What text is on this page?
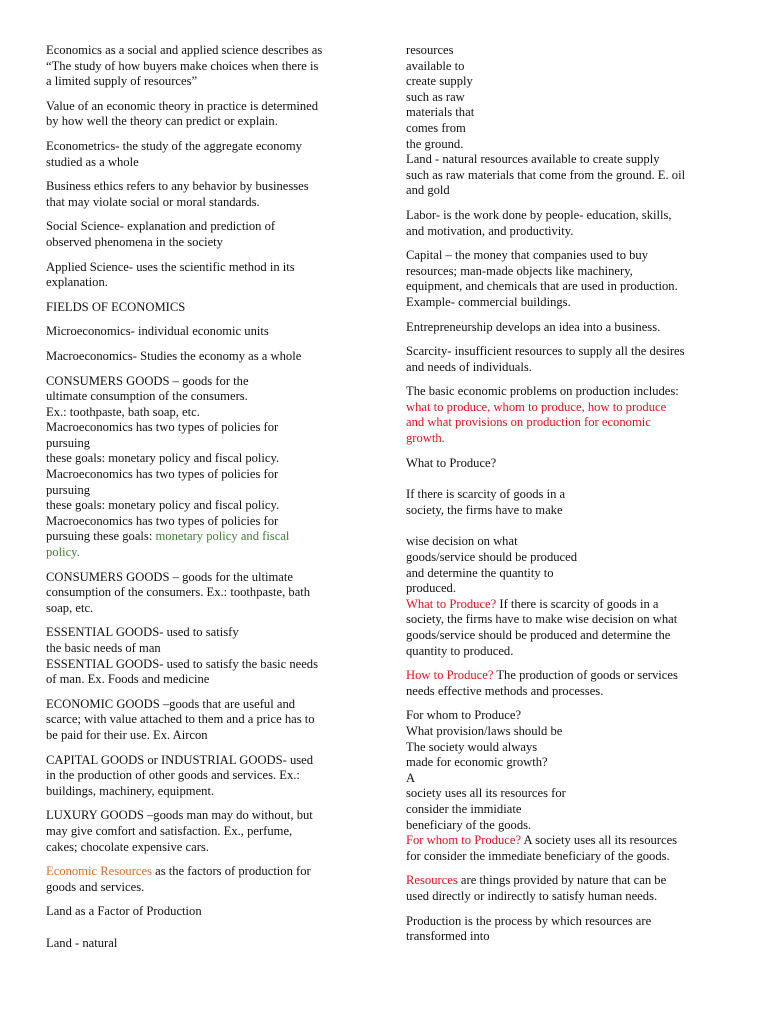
Economics as a social and applied science describes as
“The study of how buyers make choices when there is
a limited supply of resources”
Value of an economic theory in practice is determined
by how well the theory can predict or explain.
Econometrics- the study of the aggregate economy
studied as a whole
Business ethics refers to any behavior by businesses
that may violate social or moral standards.
Social Science- explanation and prediction of
observed phenomena in the society
Applied Science- uses the scientific method in its
explanation.
FIELDS OF ECONOMICS
Microeconomics- individual economic units
Macroeconomics- Studies the economy as a whole
CONSUMERS GOODS – goods for the
ultimate consumption of the consumers.
Ex.: toothpaste, bath soap, etc.
Macroeconomics has two types of policies for
pursuing
these goals: monetary policy and fiscal policy.
Macroeconomics has two types of policies for
pursuing
these goals: monetary policy and fiscal policy.
Macroeconomics has two types of policies for
pursuing these goals: monetary policy and fiscal
policy.
CONSUMERS GOODS – goods for the ultimate
consumption of the consumers. Ex.: toothpaste, bath
soap, etc.
ESSENTIAL GOODS- used to satisfy
the basic needs of man
ESSENTIAL GOODS- used to satisfy the basic needs
of man. Ex. Foods and medicine
ECONOMIC GOODS –goods that are useful and
scarce; with value attached to them and a price has to
be paid for their use. Ex. Aircon
CAPITAL GOODS or INDUSTRIAL GOODS- used
in the production of other goods and services. Ex.:
buildings, machinery, equipment.
LUXURY GOODS –goods man may do without, but
may give comfort and satisfaction. Ex., perfume,
cakes; chocolate expensive cars.
Economic Resources as the factors of production for
goods and services.
Land as a Factor of Production
Land - natural
resources
available to
create supply
such as raw
materials that
comes from
the ground.
Land - natural resources available to create supply
such as raw materials that come from the ground. E. oil
and gold
Labor- is the work done by people- education, skills,
and motivation, and productivity.
Capital – the money that companies used to buy
resources; man-made objects like machinery,
equipment, and chemicals that are used in production.
Example- commercial buildings.
Entrepreneurship develops an idea into a business.
Scarcity- insufficient resources to supply all the desires
and needs of individuals.
The basic economic problems on production includes:
what to produce, whom to produce, how to produce
and what provisions on production for economic
growth.
What to Produce?
If there is scarcity of goods in a
society, the firms have to make
wise decision on what
goods/service should be produced
and determine the quantity to
produced.
What to Produce? If there is scarcity of goods in a
society, the firms have to make wise decision on what
goods/service should be produced and determine the
quantity to produced.
How to Produce? The production of goods or services
needs effective methods and processes.
For whom to Produce?
What provision/laws should be
The society would always
made for economic growth?
A
society uses all its resources for
consider the immidiate
beneficiary of the goods.
For whom to Produce? A society uses all its resources
for consider the immediate beneficiary of the goods.
Resources are things provided by nature that can be
used directly or indirectly to satisfy human needs.
Production is the process by which resources are
transformed into
